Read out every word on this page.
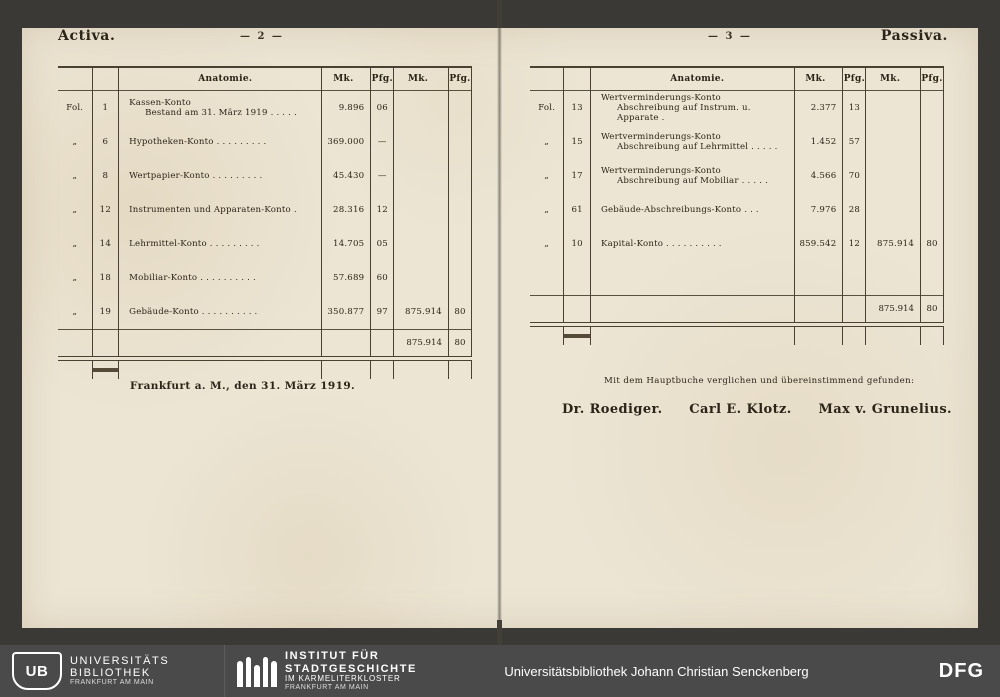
Activa.	— 2 —

		Anatomie.	Mk.	Pfg.	Mk.	Pfg.

Fol.	1	Kassen-Konto
Bestand am 31. März 1919 . . . . .	9.896	06		
„	6	Hypotheken-Konto . . . . . . . . .	369.000	—		
„	8	Wertpapier-Konto . . . . . . . . .	45.430	—		
„	12	Instrumenten und Apparaten-Konto .	28.316	12		
„	14	Lehrmittel-Konto . . . . . . . . .	14.705	05		
„	18	Mobiliar-Konto . . . . . . . . . .	57.689	60		
„	19	Gebäude-Konto . . . . . . . . . .	350.877	97	875.914	80

					875.914	80

Frankfurt a. M., den 31. März 1919.
— 3 —	Passiva.

		Anatomie.	Mk.	Pfg.	Mk.	Pfg.

Fol.	13	Wertverminderungs-Konto
Abschreibung auf Instrum. u. Apparate .	2.377	13		
„	15	Wertverminderungs-Konto
Abschreibung auf Lehrmittel . . . . .	1.452	57		
„	17	Wertverminderungs-Konto
Abschreibung auf Mobiliar . . . . .	4.566	70		
„	61	Gebäude-Abschreibungs-Konto . . .	7.976	28		
„	10	Kapital-Konto . . . . . . . . . .	859.542	12	875.914	80

					875.914	80

Mit dem Hauptbuche verglichen und übereinstimmend gefunden:
Dr. Roediger. Carl E. Klotz. Max v. Grunelius.
UB
UNIVERSITÄTS
BIBLIOTHEK
FRANKFURT AM MAIN
INSTITUT FÜR
STADTGESCHICHTE
IM KARMELITERKLOSTER
FRANKFURT AM MAIN
Universitätsbibliothek Johann Christian Senckenberg	DFG
